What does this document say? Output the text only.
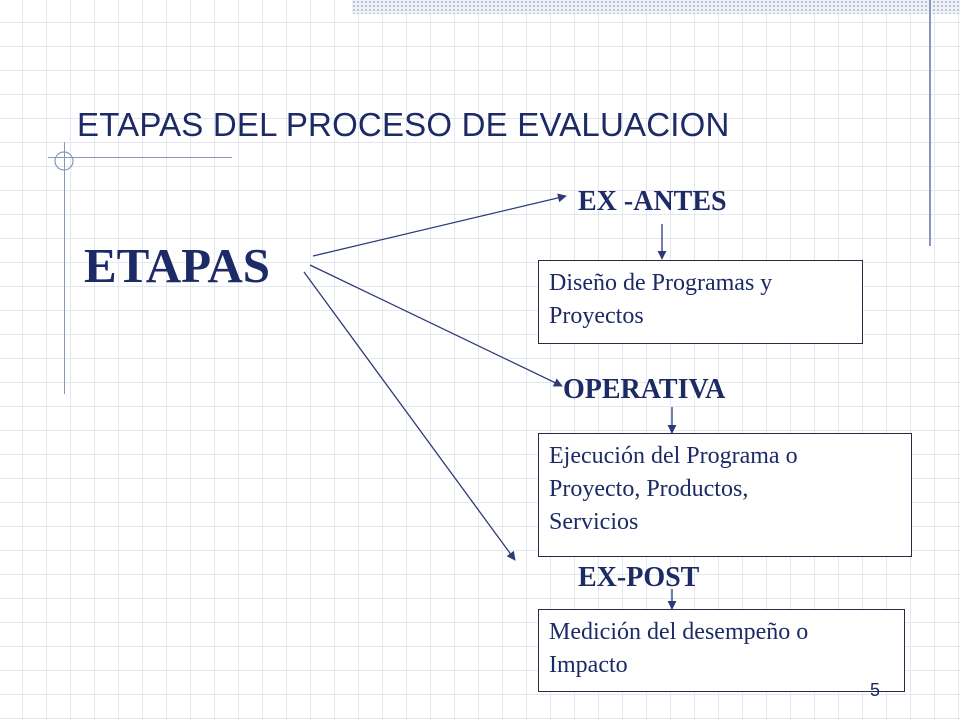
ETAPAS DEL PROCESO DE EVALUACION
ETAPAS
EX -ANTES
Diseño de Programas y
Proyectos
OPERATIVA
Ejecución del Programa o
Proyecto, Productos,
Servicios
EX-POST
Medición del desempeño o
Impacto
5
